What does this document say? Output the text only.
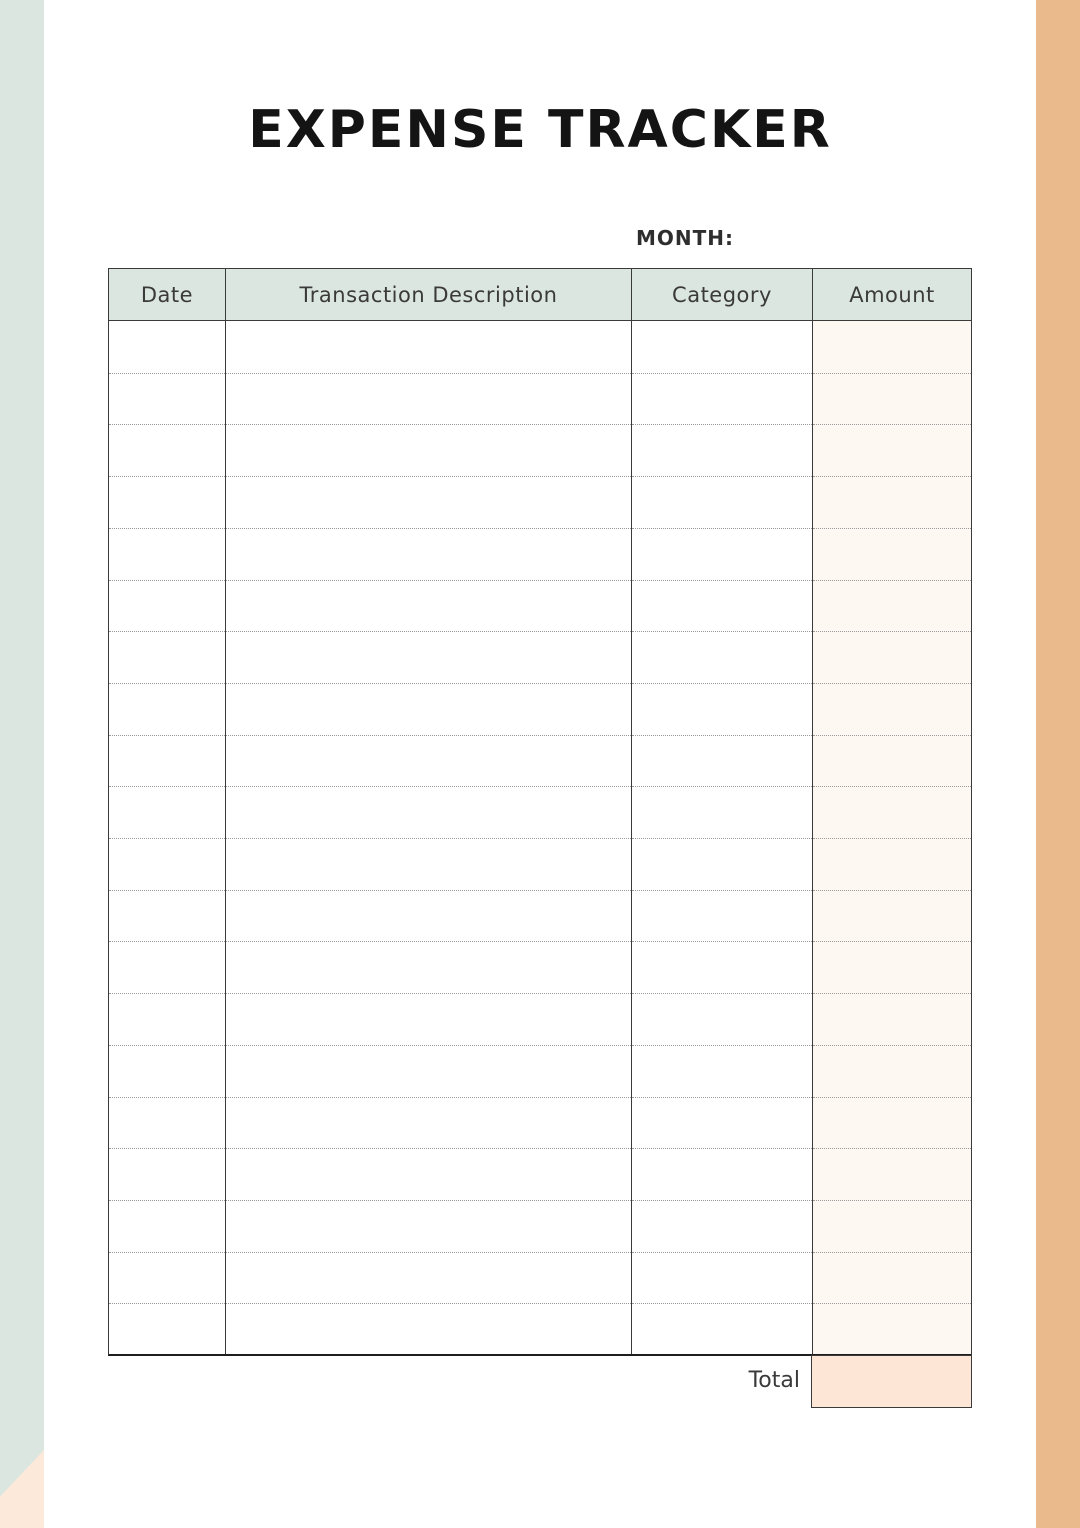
EXPENSE TRACKER
MONTH:
Date	Transaction Description	Category	Amount
Total
